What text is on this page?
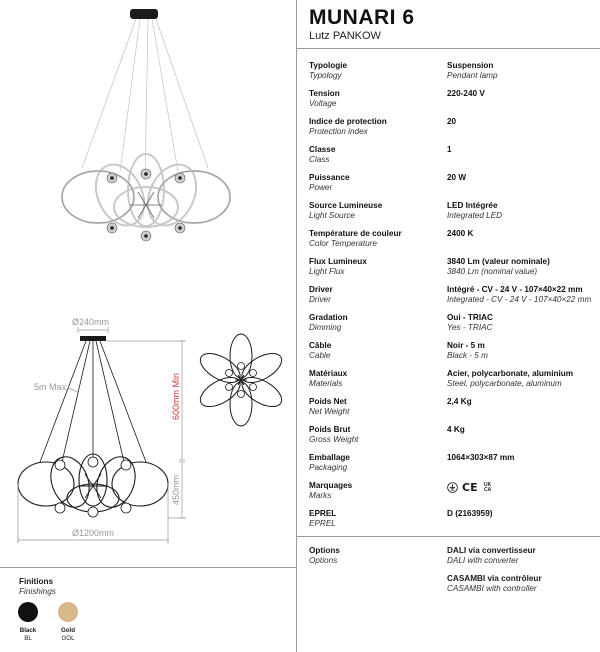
Ø240mm
5m Max	600mm Min
450mm
Ø1200mm
MUNARI 6
Lutz PANKOW
Typologie
Typology
Suspension
Pendant lamp
Tension
Voltage
220-240 V
Indice de protection
Protection index
20
Classe
Class
1
Puissance
Power
20 W
Source Lumineuse
Light Source
LED Intégrée
Integrated LED
Température de couleur
Color Temperature
2400 K
Flux Lumineux
Light Flux
3840 Lm (valeur nominale)
3840 Lm (nominal value)
Driver
Driver
Intégré - CV - 24 V - 107×40×22 mm
Integrated - CV - 24 V - 107×40×22 mm
Gradation
Dimming
Oui - TRIAC
Yes - TRIAC
Câble
Cable
Noir - 5 m
Black - 5 m
Matériaux
Materials
Acier, polycarbonate, aluminium
Steel, polycarbonate, aluminum
Poids Net
Net Weight
2,4 Kg
Poids Brut
Gross Weight
4 Kg
Emballage
Packaging
1064×303×87 mm
Marquages
Marks
CE	UK
CA
EPREL
EPREL
D (2163959)
Options
Options
DALI via convertisseur
DALI with converter
CASAMBI via contrôleur
CASAMBI with controller
Finitions
Finishings
Black
BL
Gold
GOL
